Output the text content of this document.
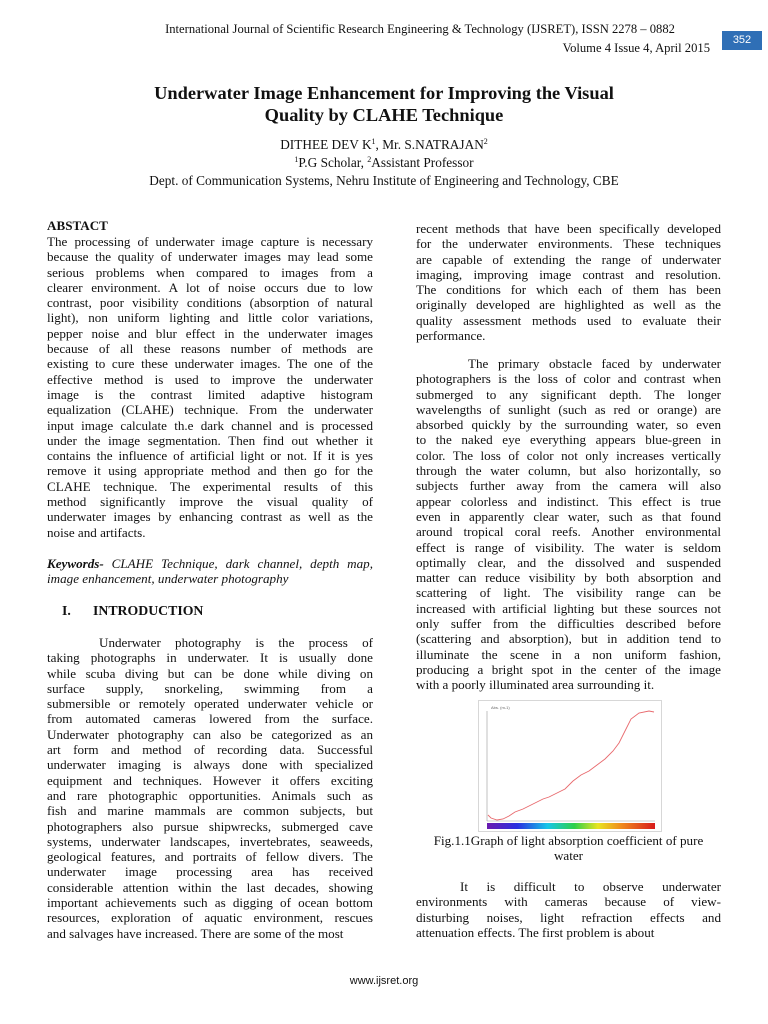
International Journal of Scientific Research Engineering & Technology (IJSRET), ISSN 2278 – 0882
Volume 4 Issue 4, April 2015
352
Underwater Image Enhancement for Improving the Visual
Quality by CLAHE Technique
DITHEE DEV $K^1$, Mr. S.NATRAJAN$^2$
$^1$P.G Scholar, $^2$Assistant Professor
Dept. of Communication Systems, Nehru Institute of Engineering and Technology, CBE
ABSTACT
The processing of underwater image capture is necessary
because the quality of underwater images may lead some
serious problems when compared to images from a
clearer environment. A lot of noise occurs due to low
contrast, poor visibility conditions (absorption of natural
light), non uniform lighting and little color variations,
pepper noise and blur effect in the underwater images
because of all these reasons number of methods are
existing to cure these underwater images. The one of the
effective method is used to improve the underwater
image is the contrast limited adaptive histogram
equalization (CLAHE) technique. From the underwater
input image calculate th.e dark channel and is processed
under the image segmentation. Then find out whether it
contains the influence of artificial light or not. If it is yes
remove it using appropriate method and then go for the
CLAHE technique. The experimental results of this
method significantly improve the visual quality of
underwater images by enhancing contrast as well as the
noise and artifacts.
Keywords- CLAHE Technique, dark channel, depth map,
image enhancement, underwater photography
I. INTRODUCTION
Underwater photography is the process of
taking photographs in underwater. It is usually done
while scuba diving but can be done while diving on
surface supply, snorkeling, swimming from a
submersible or remotely operated underwater vehicle or
from automated cameras lowered from the surface.
Underwater photography can also be categorized as an
art form and method of recording data. Successful
underwater imaging is always done with specialized
equipment and techniques. However it offers exciting
and rare photographic opportunities. Animals such as
fish and marine mammals are common subjects, but
photographers also pursue shipwrecks, submerged cave
systems, underwater landscapes, invertebrates, seaweeds,
geological features, and portraits of fellow divers. The
underwater image processing area has received
considerable attention within the last decades, showing
important achievements such as digging of ocean bottom
resources, exploration of aquatic environment, rescues
and salvages have increased. There are some of the most
recent methods that have been specifically developed
for the underwater environments. These techniques
are capable of extending the range of underwater
imaging, improving image contrast and resolution.
The conditions for which each of them has been
originally developed are highlighted as well as the
quality assessment methods used to evaluate their
performance.
The primary obstacle faced by underwater
photographers is the loss of color and contrast when
submerged to any significant depth. The longer
wavelengths of sunlight (such as red or orange) are
absorbed quickly by the surrounding water, so even
to the naked eye everything appears blue-green in
color. The loss of color not only increases vertically
through the water column, but also horizontally, so
subjects further away from the camera will also
appear colorless and indistinct. This effect is true
even in apparently clear water, such as that found
around tropical coral reefs. Another environmental
effect is range of visibility. The water is seldom
optimally clear, and the dissolved and suspended
matter can reduce visibility by both absorption and
scattering of light. The visibility range can be
increased with artificial lighting but these sources not
only suffer from the difficulties described before
(scattering and absorption), but in addition tend to
illuminate the scene in a non uniform fashion,
producing a bright spot in the center of the image
with a poorly illuminated area surrounding it.
Abs. (m-1)
Fig.1.1Graph of light absorption coefficient of pure
water
It is difficult to observe underwater
environments with cameras because of view-
disturbing noises, light refraction effects and
attenuation effects. The first problem is about
www.ijsret.org
